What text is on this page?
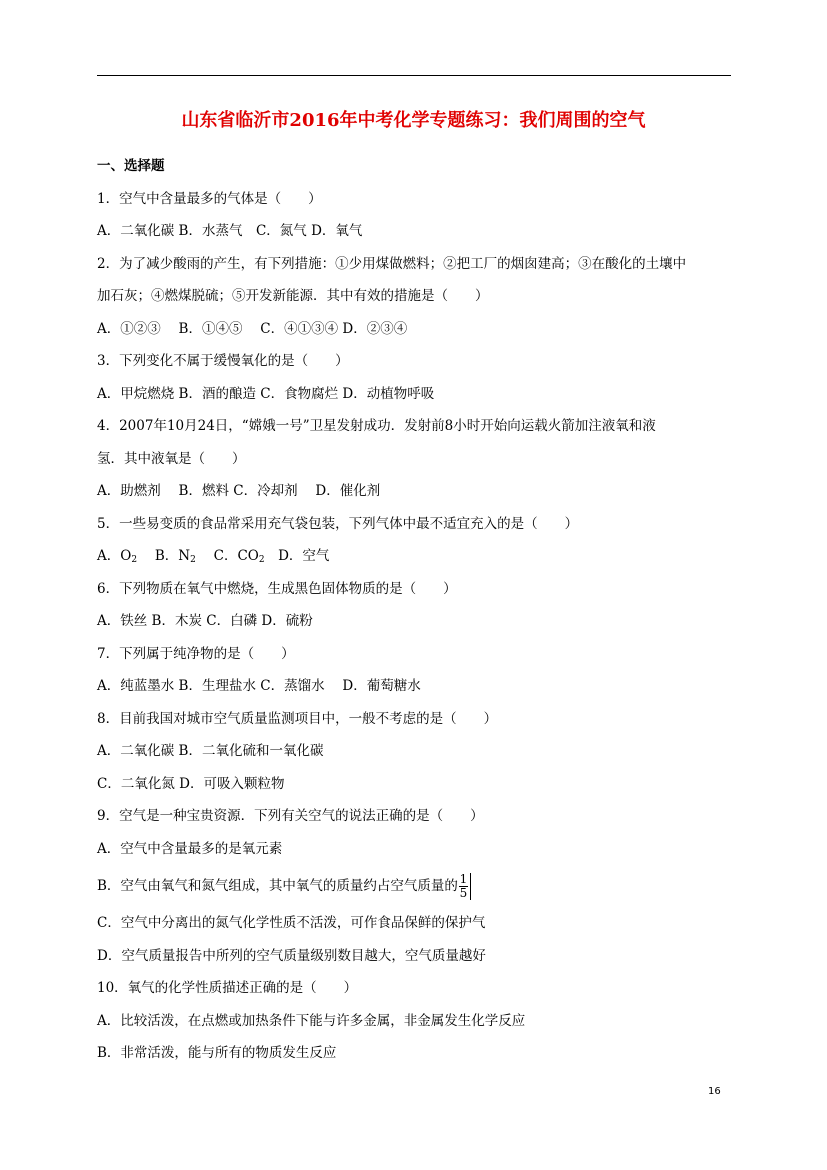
山东省临沂市2016年中考化学专题练习：我们周围的空气
一、选择题
1．空气中含量最多的气体是（　　）
A．二氧化碳 B．水蒸气　C．氮气 D．氧气
2．为了减少酸雨的产生，有下列措施：①少用煤做燃料；②把工厂的烟囱建高；③在酸化的土壤中
加石灰；④燃煤脱硫；⑤开发新能源．其中有效的措施是（　　）
A．①②③　 B．①④⑤　 C．④①③④ D．②③④
3．下列变化不属于缓慢氧化的是（　　）
A．甲烷燃烧 B．酒的酿造 C．食物腐烂 D．动植物呼吸
4．2007年10月24日，“嫦娥一号”卫星发射成功．发射前8小时开始向运载火箭加注液氧和液
氢．其中液氧是（　　）
A．助燃剂　 B．燃料 C．冷却剂　 D．催化剂
5．一些易变质的食品常采用充气袋包装，下列气体中最不适宜充入的是（　　）
A．$O_2$　 B．$N_2$　 C．$CO_2$　D．空气
6．下列物质在氧气中燃烧，生成黑色固体物质的是（　　）
A．铁丝 B．木炭 C．白磷 D．硫粉
7．下列属于纯净物的是（　　）
A．纯蓝墨水 B．生理盐水 C．蒸馏水　 D．葡萄糖水
8．目前我国对城市空气质量监测项目中，一般不考虑的是（　　）
A．二氧化碳 B．二氧化硫和一氧化碳
C．二氧化氮 D．可吸入颗粒物
9．空气是一种宝贵资源．下列有关空气的说法正确的是（　　）
A．空气中含量最多的是氧元素
B．空气由氧气和氮气组成，其中氧气的质量约占空气质量的 $\frac{1}{5}$
C．空气中分离出的氮气化学性质不活泼，可作食品保鲜的保护气
D．空气质量报告中所列的空气质量级别数目越大，空气质量越好
10．氧气的化学性质描述正确的是（　　）
A．比较活泼，在点燃或加热条件下能与许多金属，非金属发生化学反应
B．非常活泼，能与所有的物质发生反应
16
